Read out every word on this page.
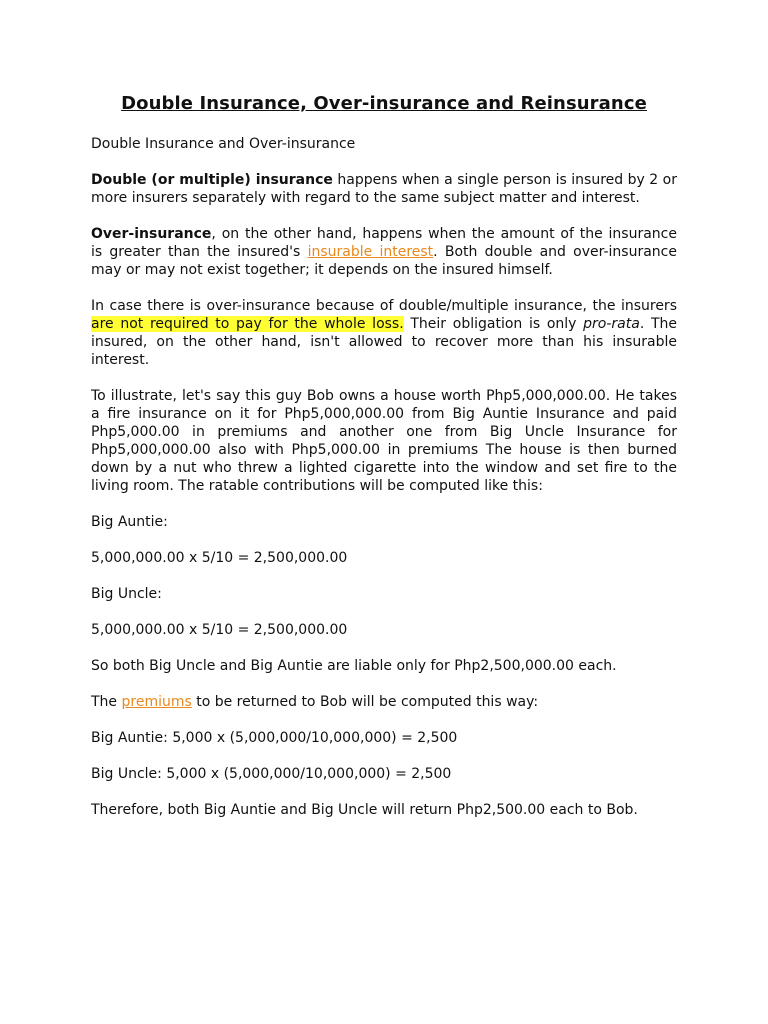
Double Insurance, Over-insurance and Reinsurance

Double Insurance and Over-insurance

Double (or multiple) insurance happens when a single person is insured by 2 or more insurers separately with regard to the same subject matter and interest.

Over-insurance, on the other hand, happens when the amount of the insurance is greater than the insured's insurable interest. Both double and over-insurance may or may not exist together; it depends on the insured himself.

In case there is over-insurance because of double/multiple insurance, the insurers are not required to pay for the whole loss. Their obligation is only pro-rata. The insured, on the other hand, isn't allowed to recover more than his insurable interest.

To illustrate, let's say this guy Bob owns a house worth Php5,000,000.00. He takes a fire insurance on it for Php5,000,000.00 from Big Auntie Insurance and paid Php5,000.00 in premiums and another one from Big Uncle Insurance for Php5,000,000.00 also with Php5,000.00 in premiums The house is then burned down by a nut who threw a lighted cigarette into the window and set fire to the living room. The ratable contributions will be computed like this:

Big Auntie:

5,000,000.00 x 5/10 = 2,500,000.00

Big Uncle:

5,000,000.00 x 5/10 = 2,500,000.00

So both Big Uncle and Big Auntie are liable only for Php2,500,000.00 each.

The premiums to be returned to Bob will be computed this way:

Big Auntie: 5,000 x (5,000,000/10,000,000) = 2,500

Big Uncle: 5,000 x (5,000,000/10,000,000) = 2,500

Therefore, both Big Auntie and Big Uncle will return Php2,500.00 each to Bob.
